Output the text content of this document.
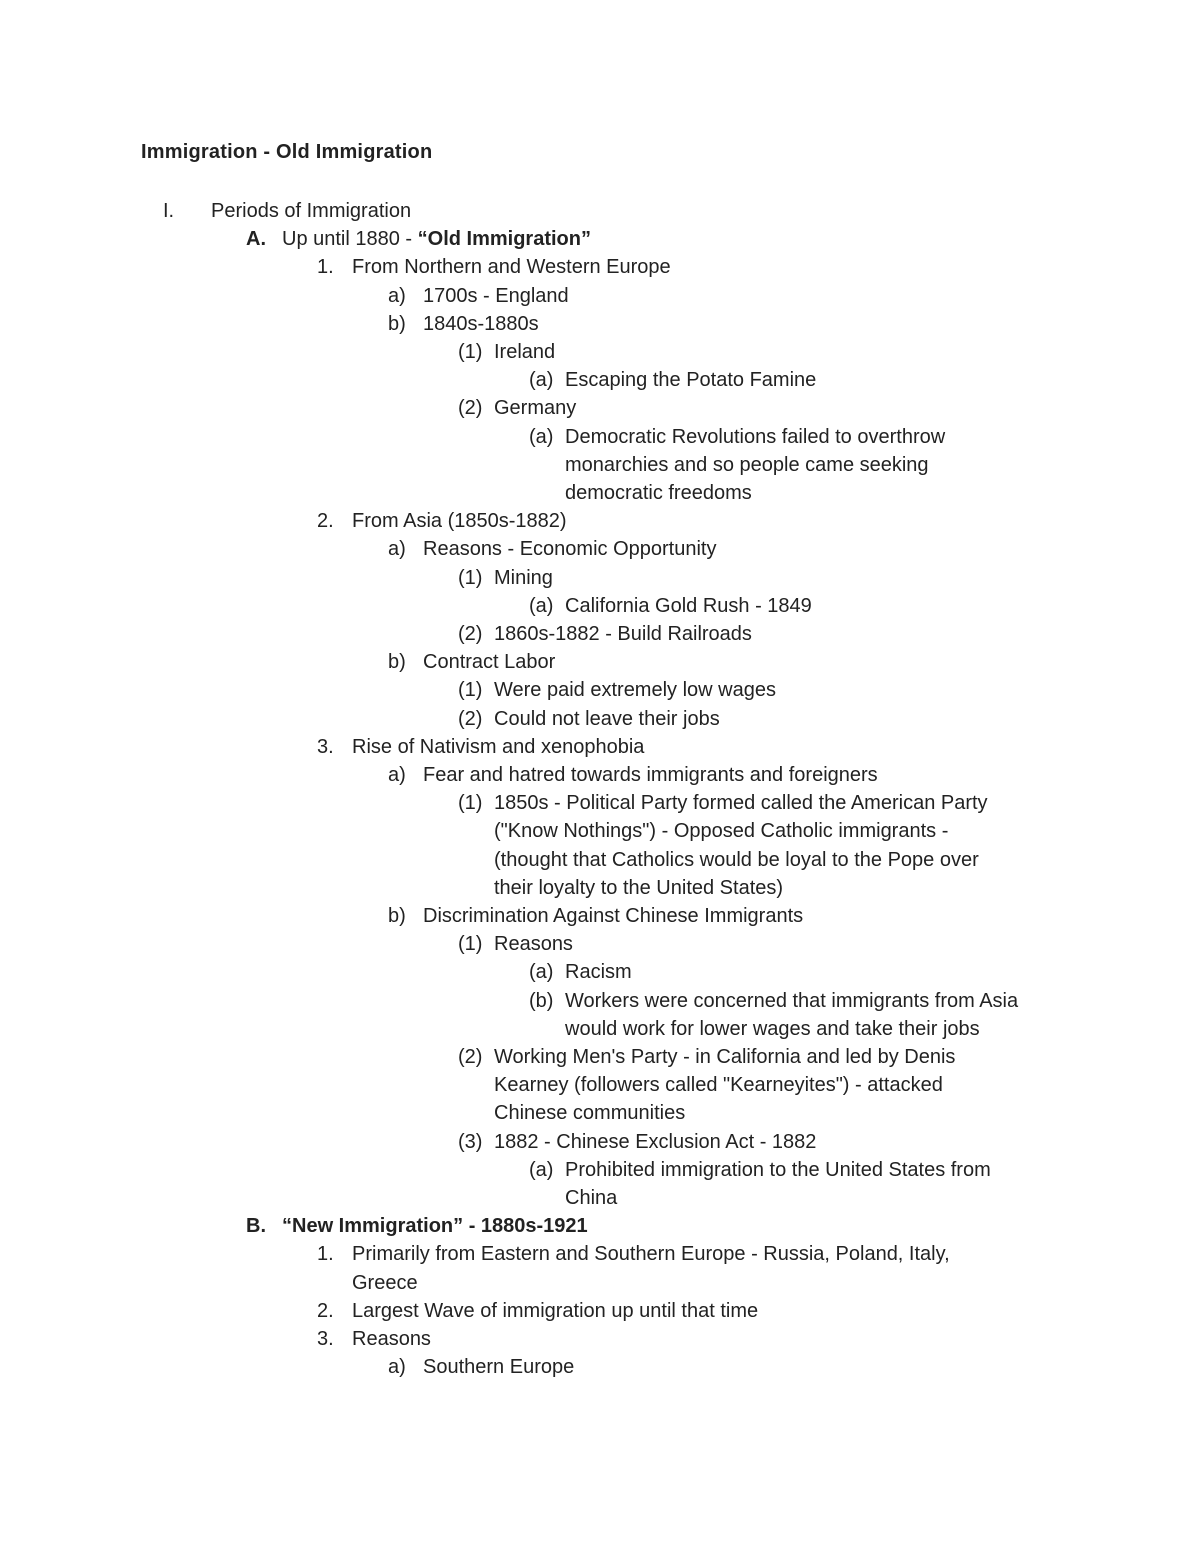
Immigration - Old Immigration
I. Periods of Immigration
A. Up until 1880 - “Old Immigration”
1. From Northern and Western Europe
a) 1700s - England
b) 1840s-1880s
(1) Ireland
(a) Escaping the Potato Famine
(2) Germany
(a) Democratic Revolutions failed to overthrow
monarchies and so people came seeking
democratic freedoms
2. From Asia (1850s-1882)
a) Reasons - Economic Opportunity
(1) Mining
(a) California Gold Rush - 1849
(2) 1860s-1882 - Build Railroads
b) Contract Labor
(1) Were paid extremely low wages
(2) Could not leave their jobs
3. Rise of Nativism and xenophobia
a) Fear and hatred towards immigrants and foreigners
(1) 1850s - Political Party formed called the American Party
("Know Nothings") - Opposed Catholic immigrants -
(thought that Catholics would be loyal to the Pope over
their loyalty to the United States)
b) Discrimination Against Chinese Immigrants
(1) Reasons
(a) Racism
(b) Workers were concerned that immigrants from Asia
would work for lower wages and take their jobs
(2) Working Men's Party - in California and led by Denis
Kearney (followers called "Kearneyites") - attacked
Chinese communities
(3) 1882 - Chinese Exclusion Act - 1882
(a) Prohibited immigration to the United States from
China
B. “New Immigration” - 1880s-1921
1. Primarily from Eastern and Southern Europe - Russia, Poland, Italy,
Greece
2. Largest Wave of immigration up until that time
3. Reasons
a) Southern Europe
